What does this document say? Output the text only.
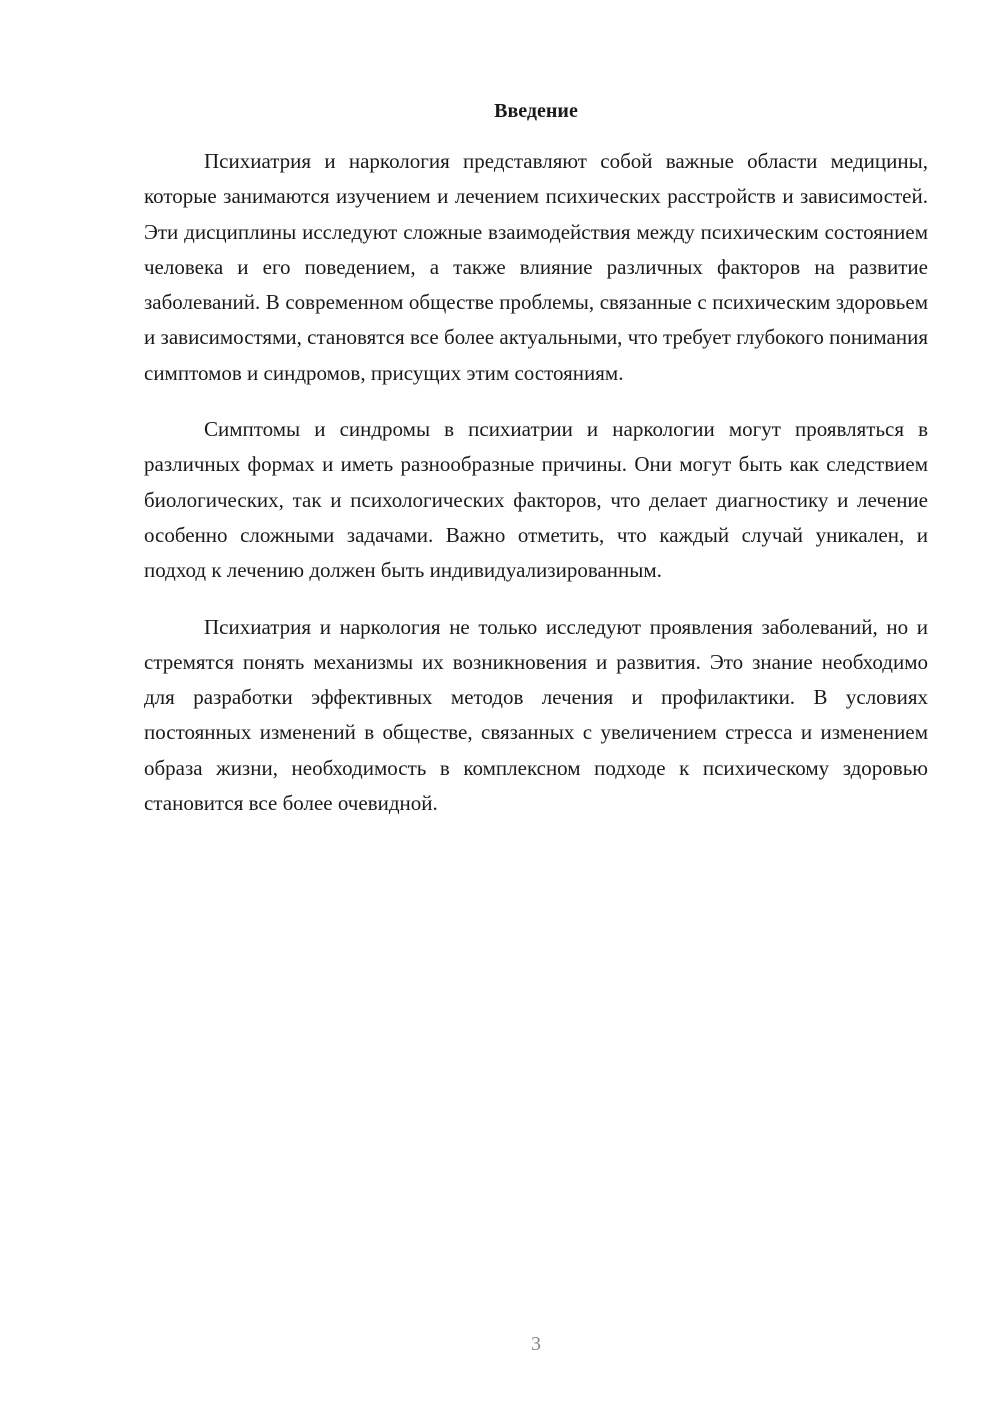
Введение

Психиатрия и наркология представляют собой важные области медицины, которые занимаются изучением и лечением психических расстройств и зависимостей. Эти дисциплины исследуют сложные взаимодействия между психическим состоянием человека и его поведением, а также влияние различных факторов на развитие заболеваний. В современном обществе проблемы, связанные с психическим здоровьем и зависимостями, становятся все более актуальными, что требует глубокого понимания симптомов и синдромов, присущих этим состояниям.

Симптомы и синдромы в психиатрии и наркологии могут проявляться в различных формах и иметь разнообразные причины. Они могут быть как следствием биологических, так и психологических факторов, что делает диагностику и лечение особенно сложными задачами. Важно отметить, что каждый случай уникален, и подход к лечению должен быть индивидуализированным.

Психиатрия и наркология не только исследуют проявления заболеваний, но и стремятся понять механизмы их возникновения и развития. Это знание необходимо для разработки эффективных методов лечения и профилактики. В условиях постоянных изменений в обществе, связанных с увеличением стресса и изменением образа жизни, необходимость в комплексном подходе к психическому здоровью становится все более очевидной.

3
